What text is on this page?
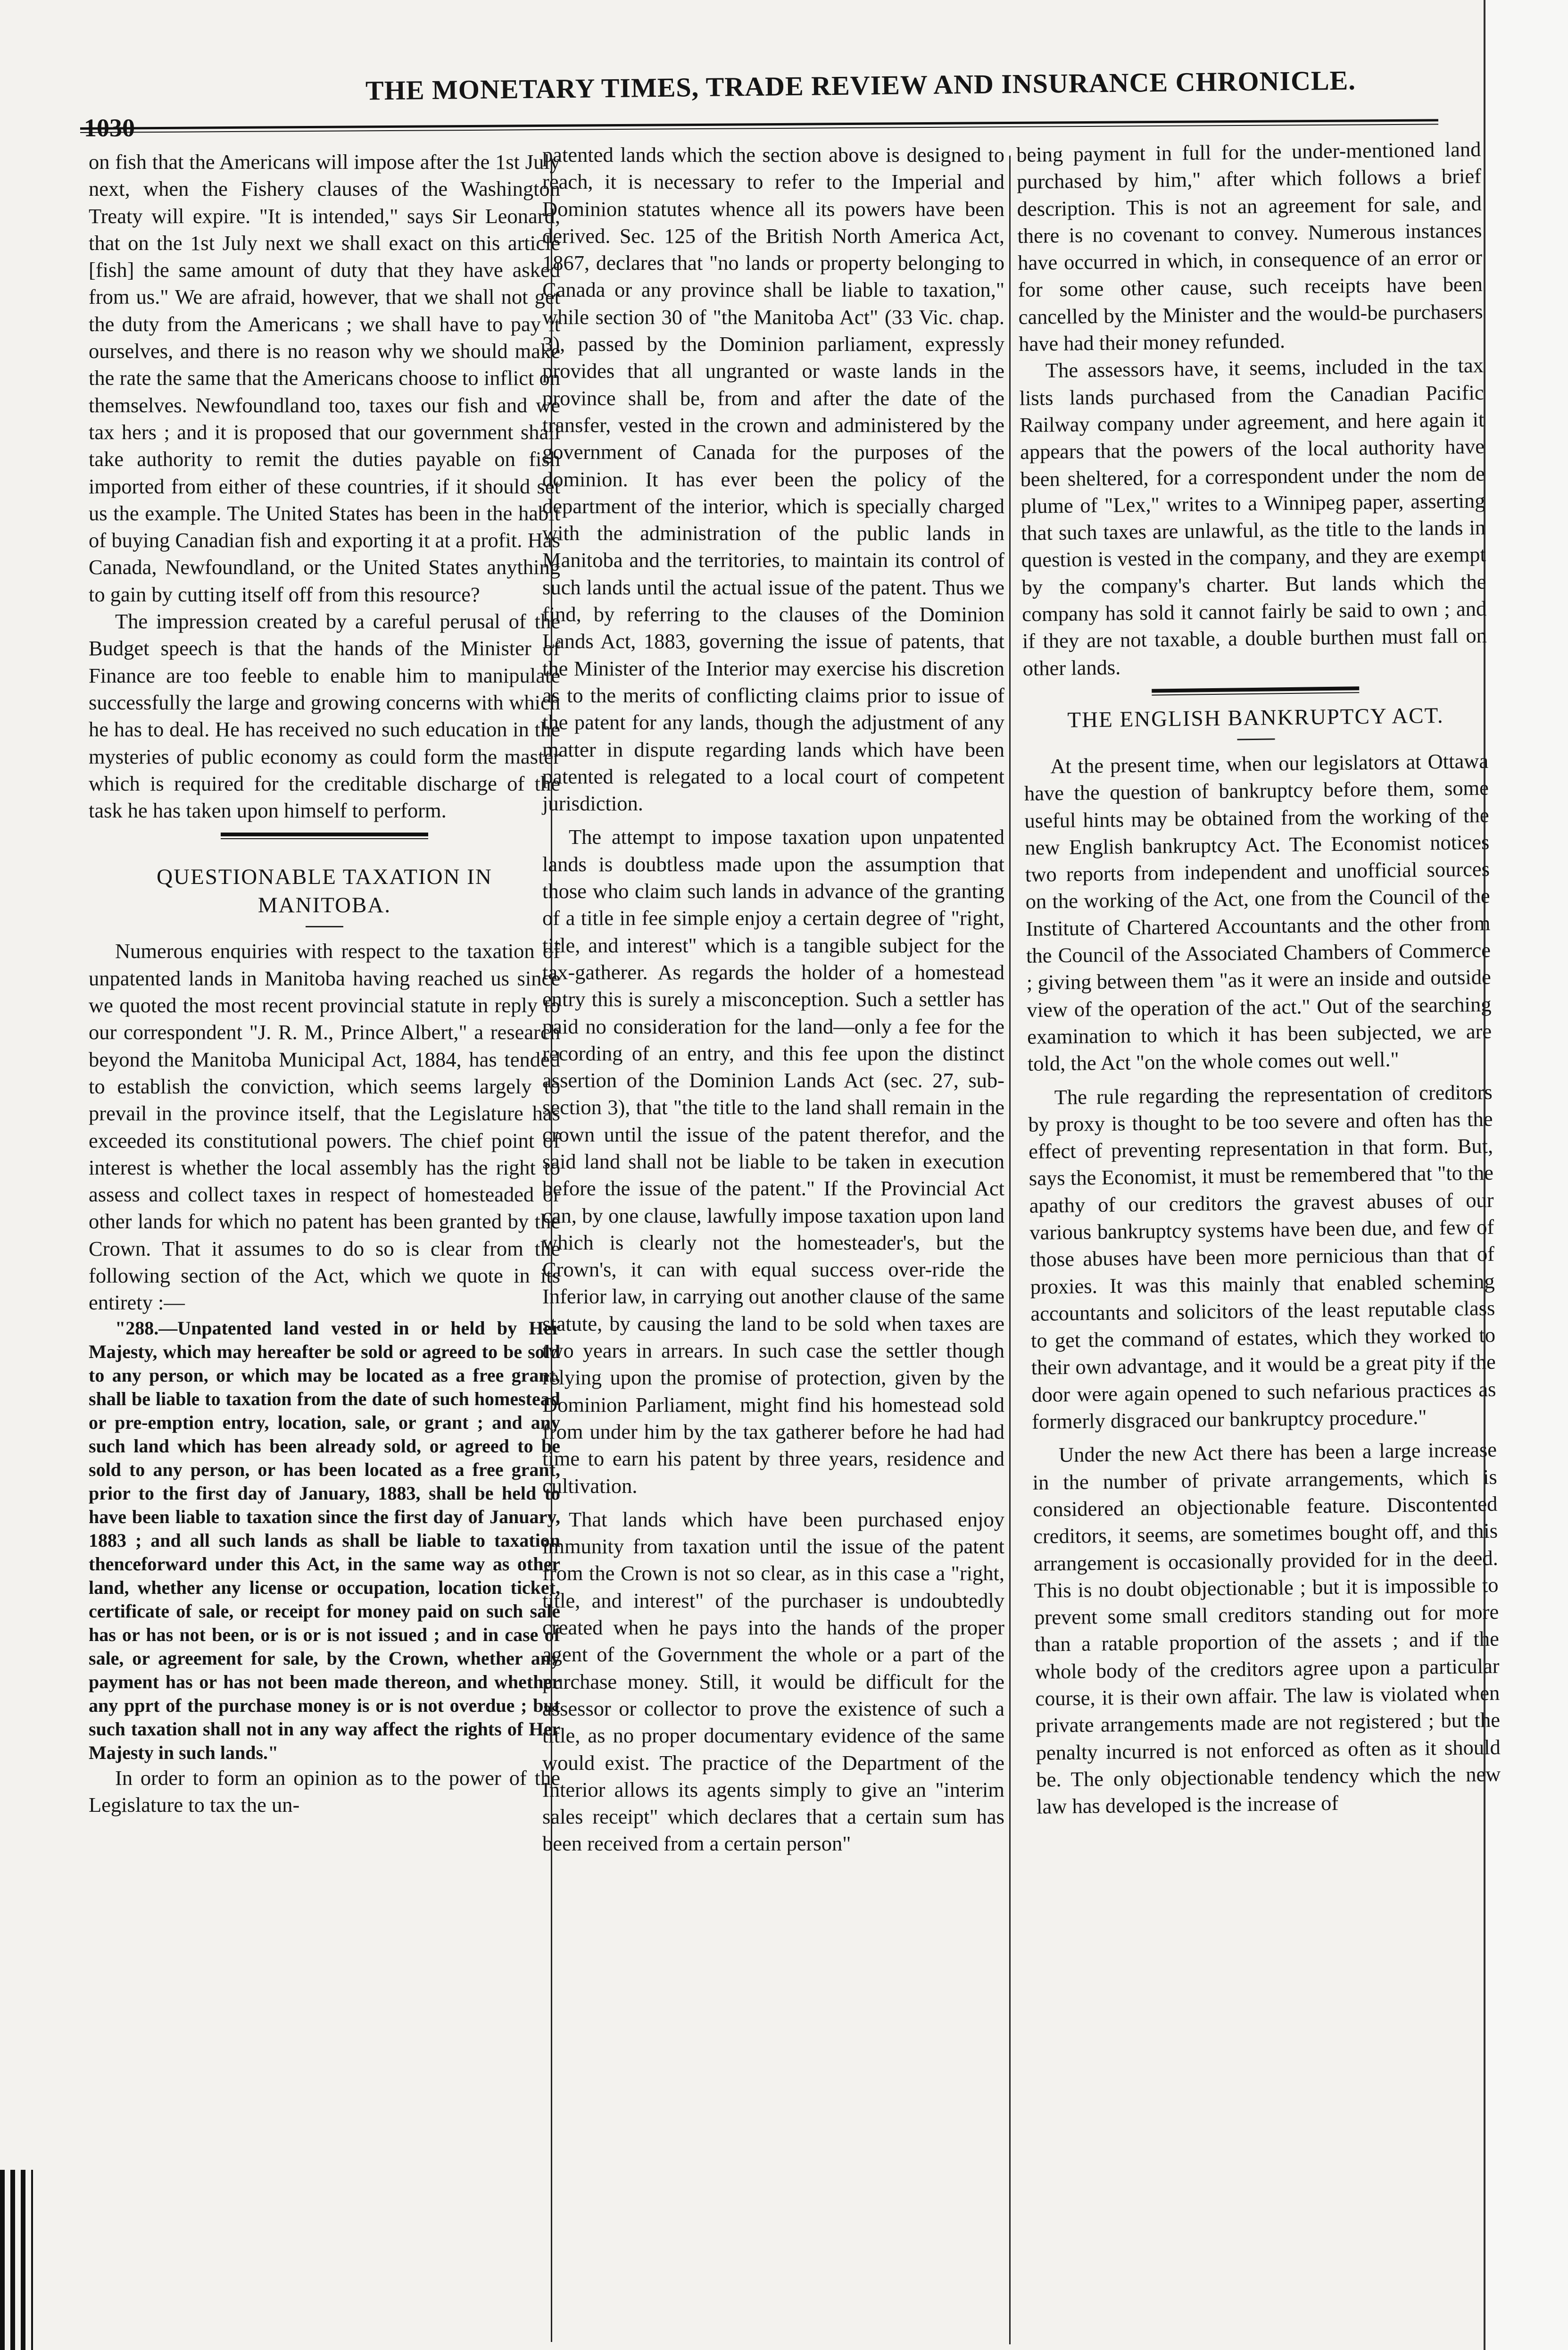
1030
THE MONETARY TIMES, TRADE REVIEW AND INSURANCE CHRONICLE.

on fish that the Americans will impose after the 1st July next, when the Fishery clauses of the Washington Treaty will expire. "It is intended," says Sir Leonard, that on the 1st July next we shall exact on this article [fish] the same amount of duty that they have asked from us." We are afraid, however, that we shall not get the duty from the Americans ; we shall have to pay it ourselves, and there is no reason why we should make the rate the same that the Americans choose to inflict on themselves. Newfoundland too, taxes our fish and we tax hers ; and it is proposed that our government shall take authority to remit the duties payable on fish imported from either of these countries, if it should set us the example. The United States has been in the habit of buying Canadian fish and exporting it at a profit. Has Canada, Newfoundland, or the United States anything to gain by cutting itself off from this resource?

The impression created by a careful perusal of the Budget speech is that the hands of the Minister of Finance are too feeble to enable him to manipulate successfully the large and growing concerns with which he has to deal. He has received no such education in the mysteries of public economy as could form the master which is required for the creditable discharge of the task he has taken upon himself to perform.

QUESTIONABLE TAXATION IN MANITOBA.

Numerous enquiries with respect to the taxation of unpatented lands in Manitoba having reached us since we quoted the most recent provincial statute in reply to our correspondent "J. R. M., Prince Albert," a research beyond the Manitoba Municipal Act, 1884, has tended to establish the conviction, which seems largely to prevail in the province itself, that the Legislature has exceeded its constitutional powers. The chief point of interest is whether the local assembly has the right to assess and collect taxes in respect of homesteaded or other lands for which no patent has been granted by the Crown. That it assumes to do so is clear from the following section of the Act, which we quote in its entirety :—

"288.—Unpatented land vested in or held by Her Majesty, which may hereafter be sold or agreed to be sold to any person, or which may be located as a free grant, shall be liable to taxation from the date of such homestead or pre-emption entry, location, sale, or grant ; and any such land which has been already sold, or agreed to be sold to any person, or has been located as a free grant, prior to the first day of January, 1883, shall be held to have been liable to taxation since the first day of January, 1883 ; and all such lands as shall be liable to taxation thenceforward under this Act, in the same way as other land, whether any license or occupation, location ticket, certificate of sale, or receipt for money paid on such sale has or has not been, or is or is not issued ; and in case of sale, or agreement for sale, by the Crown, whether any payment has or has not been made thereon, and whether any pprt of the purchase money is or is not overdue ; but such taxation shall not in any way affect the rights of Her Majesty in such lands."

In order to form an opinion as to the power of the Legislature to tax the un-

patented lands which the section above is designed to reach, it is necessary to refer to the Imperial and Dominion statutes whence all its powers have been derived. Sec. 125 of the British North America Act, 1867, declares that "no lands or property belonging to Canada or any province shall be liable to taxation," while section 30 of "the Manitoba Act" (33 Vic. chap. 3), passed by the Dominion parliament, expressly provides that all ungranted or waste lands in the province shall be, from and after the date of the transfer, vested in the crown and administered by the government of Canada for the purposes of the dominion. It has ever been the policy of the department of the interior, which is specially charged with the administration of the public lands in Manitoba and the territories, to maintain its control of such lands until the actual issue of the patent. Thus we find, by referring to the clauses of the Dominion Lands Act, 1883, governing the issue of patents, that the Minister of the Interior may exercise his discretion as to the merits of conflicting claims prior to issue of the patent for any lands, though the adjustment of any matter in dispute regarding lands which have been patented is relegated to a local court of competent jurisdiction.

The attempt to impose taxation upon unpatented lands is doubtless made upon the assumption that those who claim such lands in advance of the granting of a title in fee simple enjoy a certain degree of "right, title, and interest" which is a tangible subject for the tax-gatherer. As regards the holder of a homestead entry this is surely a misconception. Such a settler has paid no consideration for the land—only a fee for the recording of an entry, and this fee upon the distinct assertion of the Dominion Lands Act (sec. 27, sub-section 3), that "the title to the land shall remain in the crown until the issue of the patent therefor, and the said land shall not be liable to be taken in execution before the issue of the patent." If the Provincial Act can, by one clause, lawfully impose taxation upon land which is clearly not the homesteader's, but the Crown's, it can with equal success over-ride the Inferior law, in carrying out another clause of the same statute, by causing the land to be sold when taxes are two years in arrears. In such case the settler though relying upon the promise of protection, given by the Dominion Parliament, might find his homestead sold from under him by the tax gatherer before he had had time to earn his patent by three years, residence and cultivation.

That lands which have been purchased enjoy immunity from taxation until the issue of the patent from the Crown is not so clear, as in this case a "right, title, and interest" of the purchaser is undoubtedly created when he pays into the hands of the proper agent of the Government the whole or a part of the purchase money. Still, it would be difficult for the assessor or collector to prove the existence of such a title, as no proper documentary evidence of the same would exist. The practice of the Department of the Interior allows its agents simply to give an "interim sales receipt" which declares that a certain sum has been received from a certain person"

being payment in full for the under-mentioned land purchased by him," after which follows a brief description. This is not an agreement for sale, and there is no covenant to convey. Numerous instances have occurred in which, in consequence of an error or for some other cause, such receipts have been cancelled by the Minister and the would-be purchasers have had their money refunded.

The assessors have, it seems, included in the tax lists lands purchased from the Canadian Pacific Railway company under agreement, and here again it appears that the powers of the local authority have been sheltered, for a correspondent under the nom de plume of "Lex," writes to a Winnipeg paper, asserting that such taxes are unlawful, as the title to the lands in question is vested in the company, and they are exempt by the company's charter. But lands which the company has sold it cannot fairly be said to own ; and if they are not taxable, a double burthen must fall on other lands.

THE ENGLISH BANKRUPTCY ACT.

At the present time, when our legislators at Ottawa have the question of bankruptcy before them, some useful hints may be obtained from the working of the new English bankruptcy Act. The Economist notices two reports from independent and unofficial sources on the working of the Act, one from the Council of the Institute of Chartered Accountants and the other from the Council of the Associated Chambers of Commerce ; giving between them "as it were an inside and outside view of the operation of the act." Out of the searching examination to which it has been subjected, we are told, the Act "on the whole comes out well."

The rule regarding the representation of creditors by proxy is thought to be too severe and often has the effect of preventing representation in that form. But, says the Economist, it must be remembered that "to the apathy of our creditors the gravest abuses of our various bankruptcy systems have been due, and few of those abuses have been more pernicious than that of proxies. It was this mainly that enabled scheming accountants and solicitors of the least reputable class to get the command of estates, which they worked to their own advantage, and it would be a great pity if the door were again opened to such nefarious practices as formerly disgraced our bankruptcy procedure."

Under the new Act there has been a large increase in the number of private arrangements, which is considered an objectionable feature. Discontented creditors, it seems, are sometimes bought off, and this arrangement is occasionally provided for in the deed. This is no doubt objectionable ; but it is impossible to prevent some small creditors standing out for more than a ratable proportion of the assets ; and if the whole body of the creditors agree upon a particular course, it is their own affair. The law is violated when private arrangements made are not registered ; but the penalty incurred is not enforced as often as it should be. The only objectionable tendency which the new law has developed is the increase of
